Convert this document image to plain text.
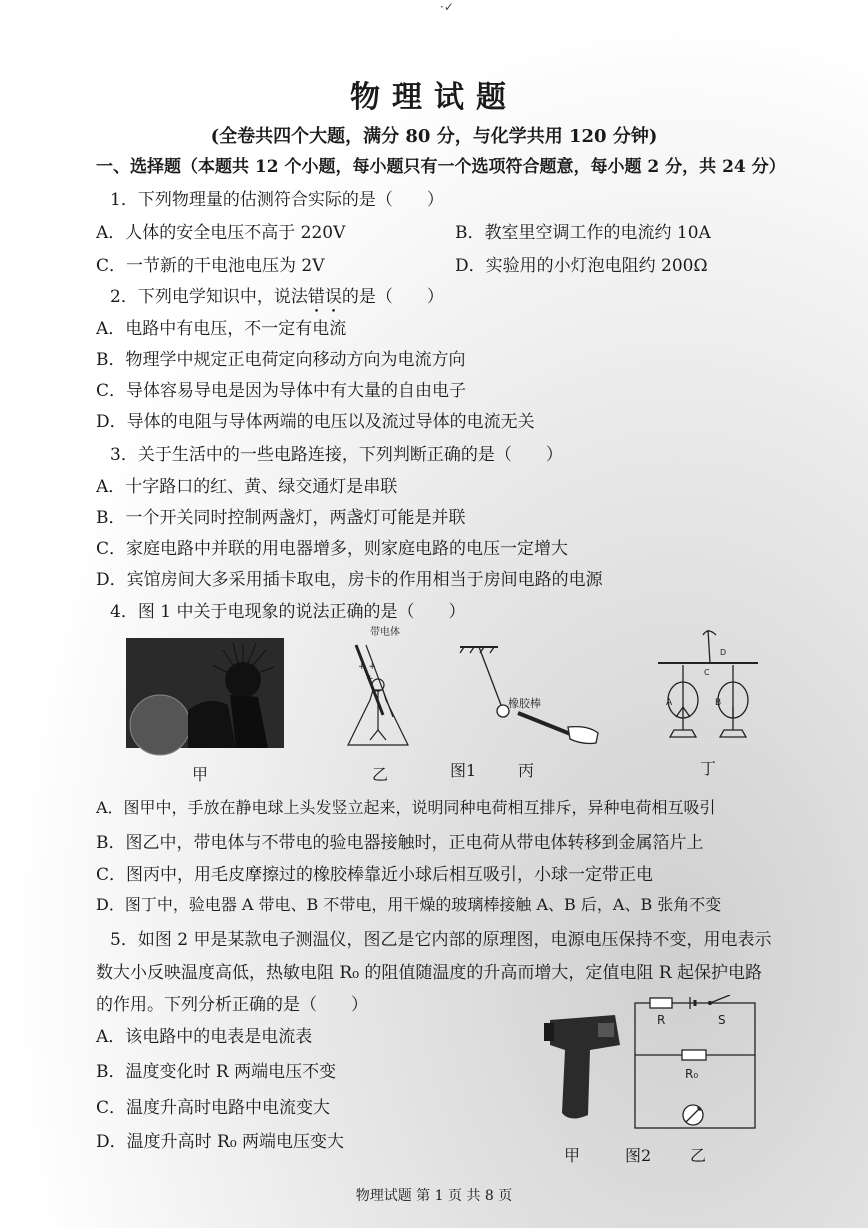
·✓
物理试题
(全卷共四个大题，满分 80 分，与化学共用 120 分钟)
一、选择题（本题共 12 个小题，每小题只有一个选项符合题意，每小题 2 分，共 24 分）
1．下列物理量的估测符合实际的是（　　）
A．人体的安全电压不高于 220V	B．教室里空调工作的电流约 10A
C．一节新的干电池电压为 2V	D．实验用的小灯泡电阻约 200Ω
2．下列电学知识中，说法错误的是（　　）
A．电路中有电压，不一定有电流
B．物理学中规定正电荷定向移动方向为电流方向
C．导体容易导电是因为导体中有大量的自由电子
D．导体的电阻与导体两端的电压以及流过导体的电流无关
3．关于生活中的一些电路连接，下列判断正确的是（　　）
A．十字路口的红、黄、绿交通灯是串联
B．一个开关同时控制两盏灯，两盏灯可能是并联
C．家庭电路中并联的用电器增多，则家庭电路的电压一定增大
D．宾馆房间大多采用插卡取电，房卡的作用相当于房间电路的电源
4．图 1 中关于电现象的说法正确的是（　　）
+ +
+
带电体
橡胶棒	A	B
C
D
甲	乙	图1	丙	丁
A．图甲中，手放在静电球上头发竖立起来，说明同种电荷相互排斥，异种电荷相互吸引
B．图乙中，带电体与不带电的验电器接触时，正电荷从带电体转移到金属箔片上
C．图丙中，用毛皮摩擦过的橡胶棒靠近小球后相互吸引，小球一定带正电
D．图丁中，验电器 A 带电、B 不带电，用干燥的玻璃棒接触 A、B 后，A、B 张角不变
5．如图 2 甲是某款电子测温仪，图乙是它内部的原理图，电源电压保持不变，用电表示
数大小反映温度高低，热敏电阻 R₀ 的阻值随温度的升高而增大，定值电阻 R 起保护电路
的作用。下列分析正确的是（　　）
A．该电路中的电表是电流表
B．温度变化时 R 两端电压不变
C．温度升高时电路中电流变大
D．温度升高时 R₀ 两端电压变大
R	S
R₀
甲	图2 乙
物理试题 第 1 页 共 8 页
